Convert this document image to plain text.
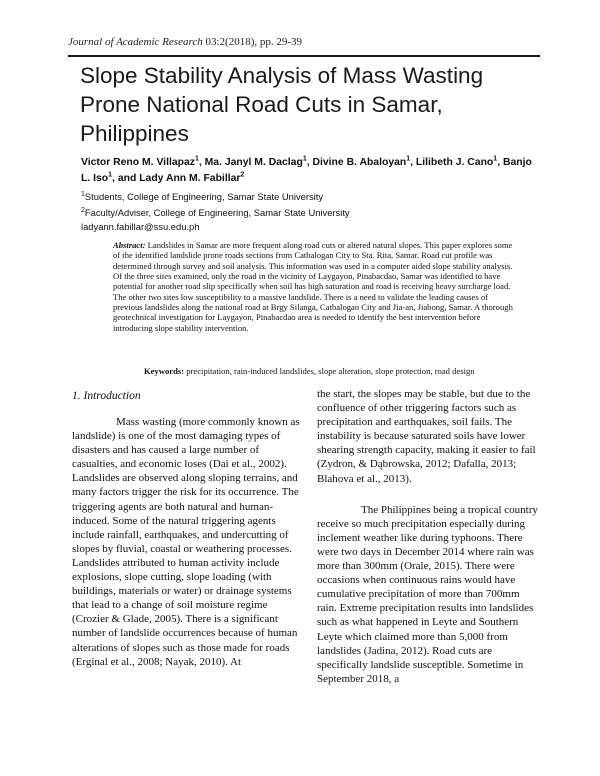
Journal of Academic Research 03:2(2018), pp. 29-39
Slope Stability Analysis of Mass Wasting Prone National Road Cuts in Samar, Philippines
Victor Reno M. Villapaz$^1$, Ma. Janyl M. Daclag$^1$, Divine B. Abaloyan$^1$, Lilibeth J. Cano$^1$, Banjo L. Iso$^1$, and Lady Ann M. Fabillar$^2$
$^1$Students, College of Engineering, Samar State University
$^2$Faculty/Adviser, College of Engineering, Samar State University
ladyann.fabillar@ssu.edu.ph
Abstract: Landslides in Samar are more frequent along road cuts or altered natural slopes. This paper explores some of the identified landslide prone roads sections from Catbalogan City to Sta. Rita, Samar. Road cut profile was determined through survey and soil analysis. This information was used in a computer aided slope stability analysis. Of the three sites examined, only the road in the vicinity of Laygayon, Pinabacdao, Samar was identified to have potential for another road slip specifically when soil has high saturation and road is receiving heavy surcharge load. The other two sites low susceptibility to a massive landslide. There is a need to validate the leading causes of previous landslides along the national road at Brgy Silanga, Catbalogan City and Jia-an, Jiabong, Samar. A thorough geotechnical investigation for Laygayon, Pinabacdao area is needed to identify the best intervention before introducing slope stability intervention.
Keywords: precipitation, rain-induced landslides, slope alteration, slope protection, road design
1. Introduction

Mass wasting (more commonly known as landslide) is one of the most damaging types of disasters and has caused a large number of casualties, and economic loses (Dai et al., 2002). Landslides are observed along sloping terrains, and many factors trigger the risk for its occurrence. The triggering agents are both natural and human-induced. Some of the natural triggering agents include rainfall, earthquakes, and undercutting of slopes by fluvial, coastal or weathering processes. Landslides attributed to human activity include explosions, slope cutting, slope loading (with buildings, materials or water) or drainage systems that lead to a change of soil moisture regime (Crozier & Glade, 2005). There is a significant number of landslide occurrences because of human alterations of slopes such as those made for roads (Erginal et al., 2008; Nayak, 2010). At

the start, the slopes may be stable, but due to the confluence of other triggering factors such as precipitation and earthquakes, soil fails. The instability is because saturated soils have lower shearing strength capacity, making it easier to fail (Zydron, & Dąbrowska, 2012; Dafalla, 2013; Blahova et al., 2013).

The Philippines being a tropical country receive so much precipitation especially during inclement weather like during typhoons. There were two days in December 2014 where rain was more than 300mm (Orale, 2015). There were occasions when continuous rains would have cumulative precipitation of more than 700mm rain. Extreme precipitation results into landslides such as what happened in Leyte and Southern Leyte which claimed more than 5,000 from landslides (Jadina, 2012). Road cuts are specifically landslide susceptible. Sometime in September 2018, a
